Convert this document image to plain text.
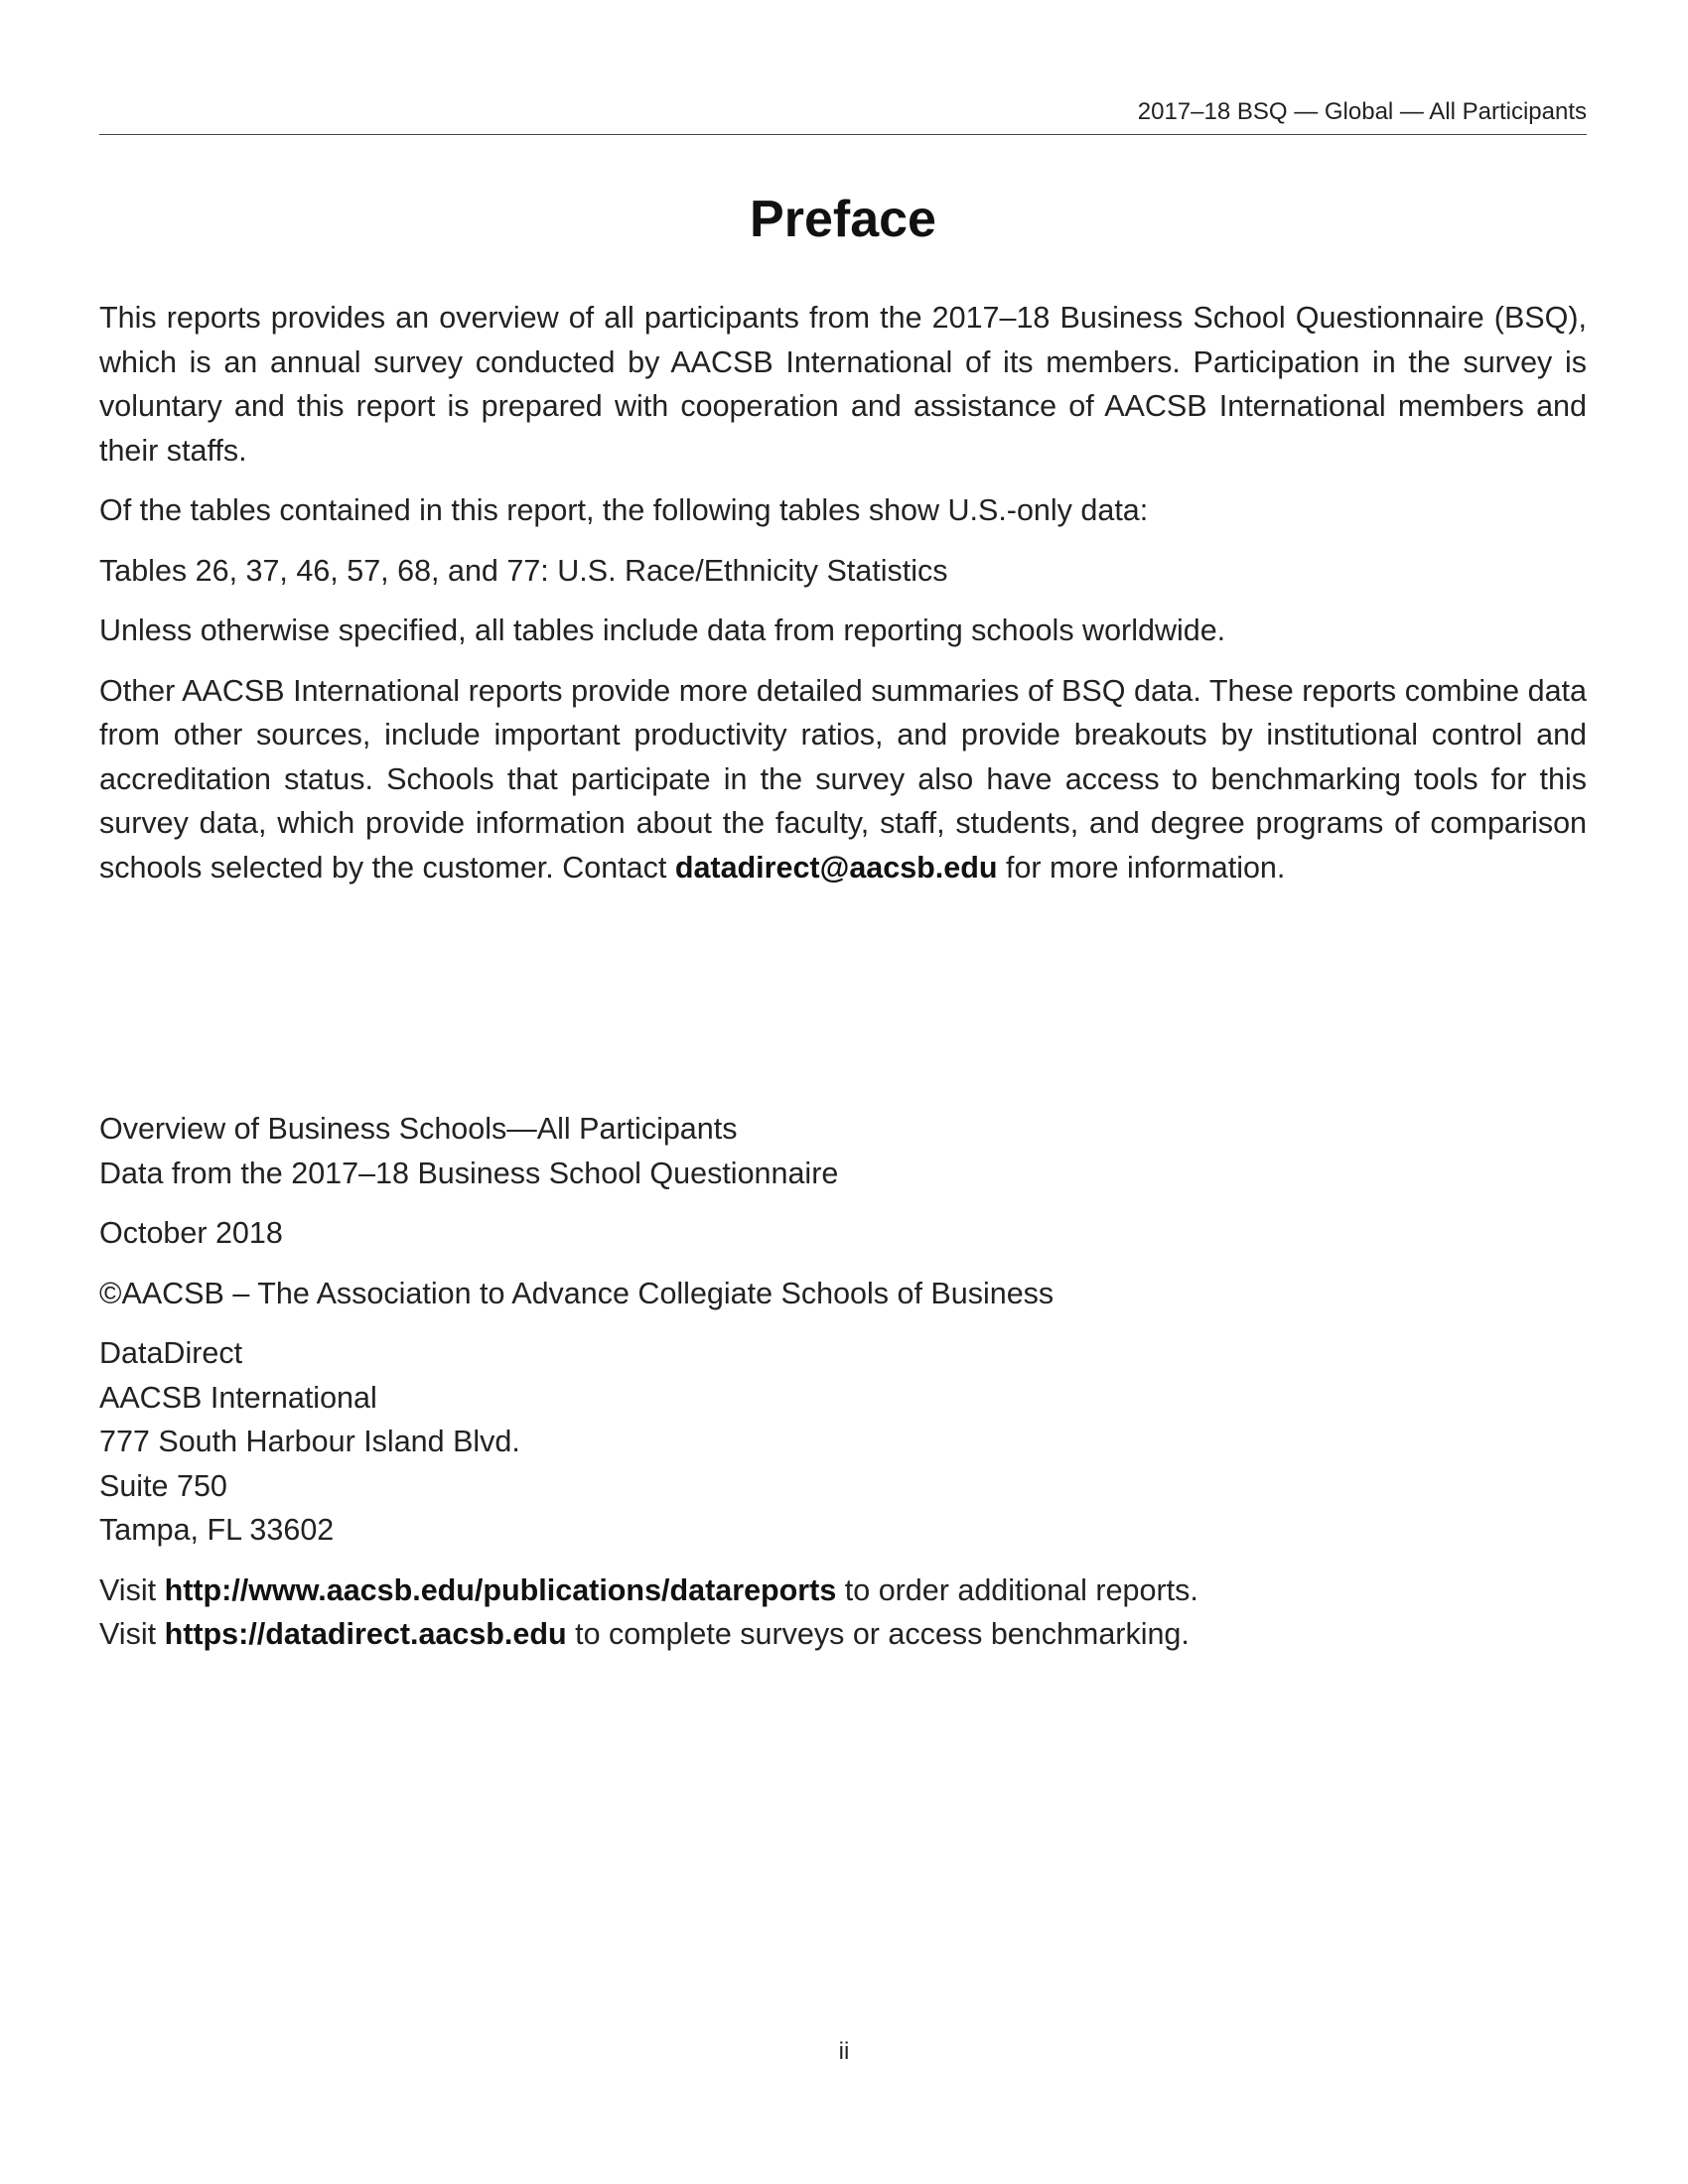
2017–18 BSQ — Global — All Participants
Preface

This reports provides an overview of all participants from the 2017–18 Business School Questionnaire (BSQ), which is an annual survey conducted by AACSB International of its members. Participation in the survey is voluntary and this report is prepared with cooperation and assistance of AACSB International members and their staffs.

Of the tables contained in this report, the following tables show U.S.-only data:

Tables 26, 37, 46, 57, 68, and 77: U.S. Race/Ethnicity Statistics

Unless otherwise specified, all tables include data from reporting schools worldwide.

Other AACSB International reports provide more detailed summaries of BSQ data. These reports combine data from other sources, include important productivity ratios, and provide breakouts by institutional control and accreditation status. Schools that participate in the survey also have access to benchmarking tools for this survey data, which provide information about the faculty, staff, students, and degree programs of comparison schools selected by the customer. Contact datadirect@aacsb.edu for more information.

Overview of Business Schools—All Participants
Data from the 2017–18 Business School Questionnaire

October 2018

©AACSB – The Association to Advance Collegiate Schools of Business

DataDirect
AACSB International
777 South Harbour Island Blvd.
Suite 750
Tampa, FL 33602

Visit http://www.aacsb.edu/publications/datareports to order additional reports.
Visit https://datadirect.aacsb.edu to complete surveys or access benchmarking.

ii
